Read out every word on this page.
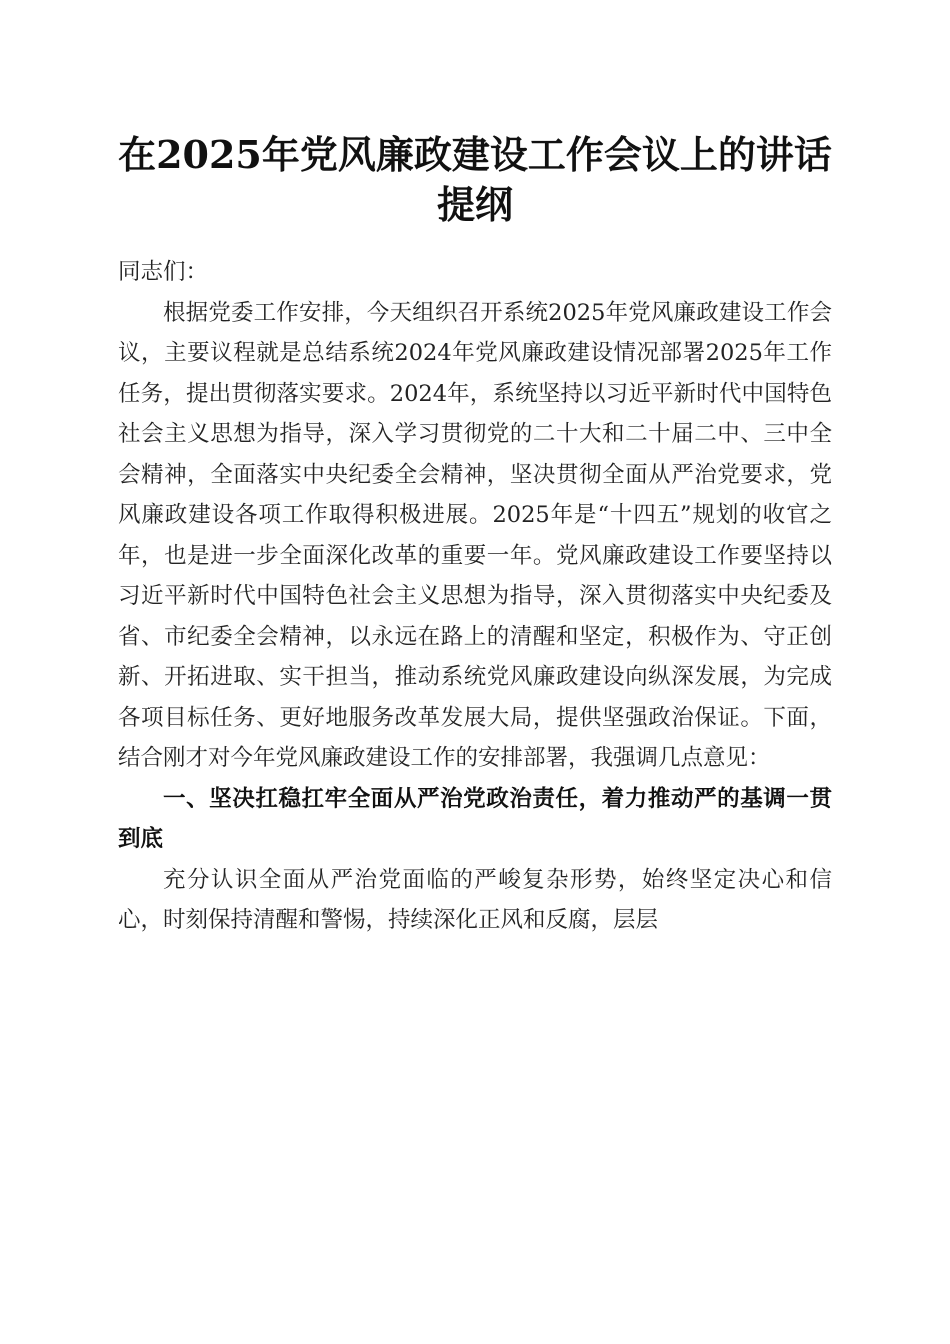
在2025年党风廉政建设工作会议上的讲话提纲

同志们：

根据党委工作安排，今天组织召开系统2025年党风廉政建设工作会议，主要议程就是总结系统2024年党风廉政建设情况部署2025年工作任务，提出贯彻落实要求。2024年，系统坚持以习近平新时代中国特色社会主义思想为指导，深入学习贯彻党的二十大和二十届二中、三中全会精神，全面落实中央纪委全会精神，坚决贯彻全面从严治党要求，党风廉政建设各项工作取得积极进展。2025年是“十四五”规划的收官之年，也是进一步全面深化改革的重要一年。党风廉政建设工作要坚持以习近平新时代中国特色社会主义思想为指导，深入贯彻落实中央纪委及省、市纪委全会精神，以永远在路上的清醒和坚定，积极作为、守正创新、开拓进取、实干担当，推动系统党风廉政建设向纵深发展，为完成各项目标任务、更好地服务改革发展大局，提供坚强政治保证。下面，结合刚才对今年党风廉政建设工作的安排部署，我强调几点意见：

一、坚决扛稳扛牢全面从严治党政治责任，着力推动严的基调一贯到底

充分认识全面从严治党面临的严峻复杂形势，始终坚定决心和信心，时刻保持清醒和警惕，持续深化正风和反腐，层层
